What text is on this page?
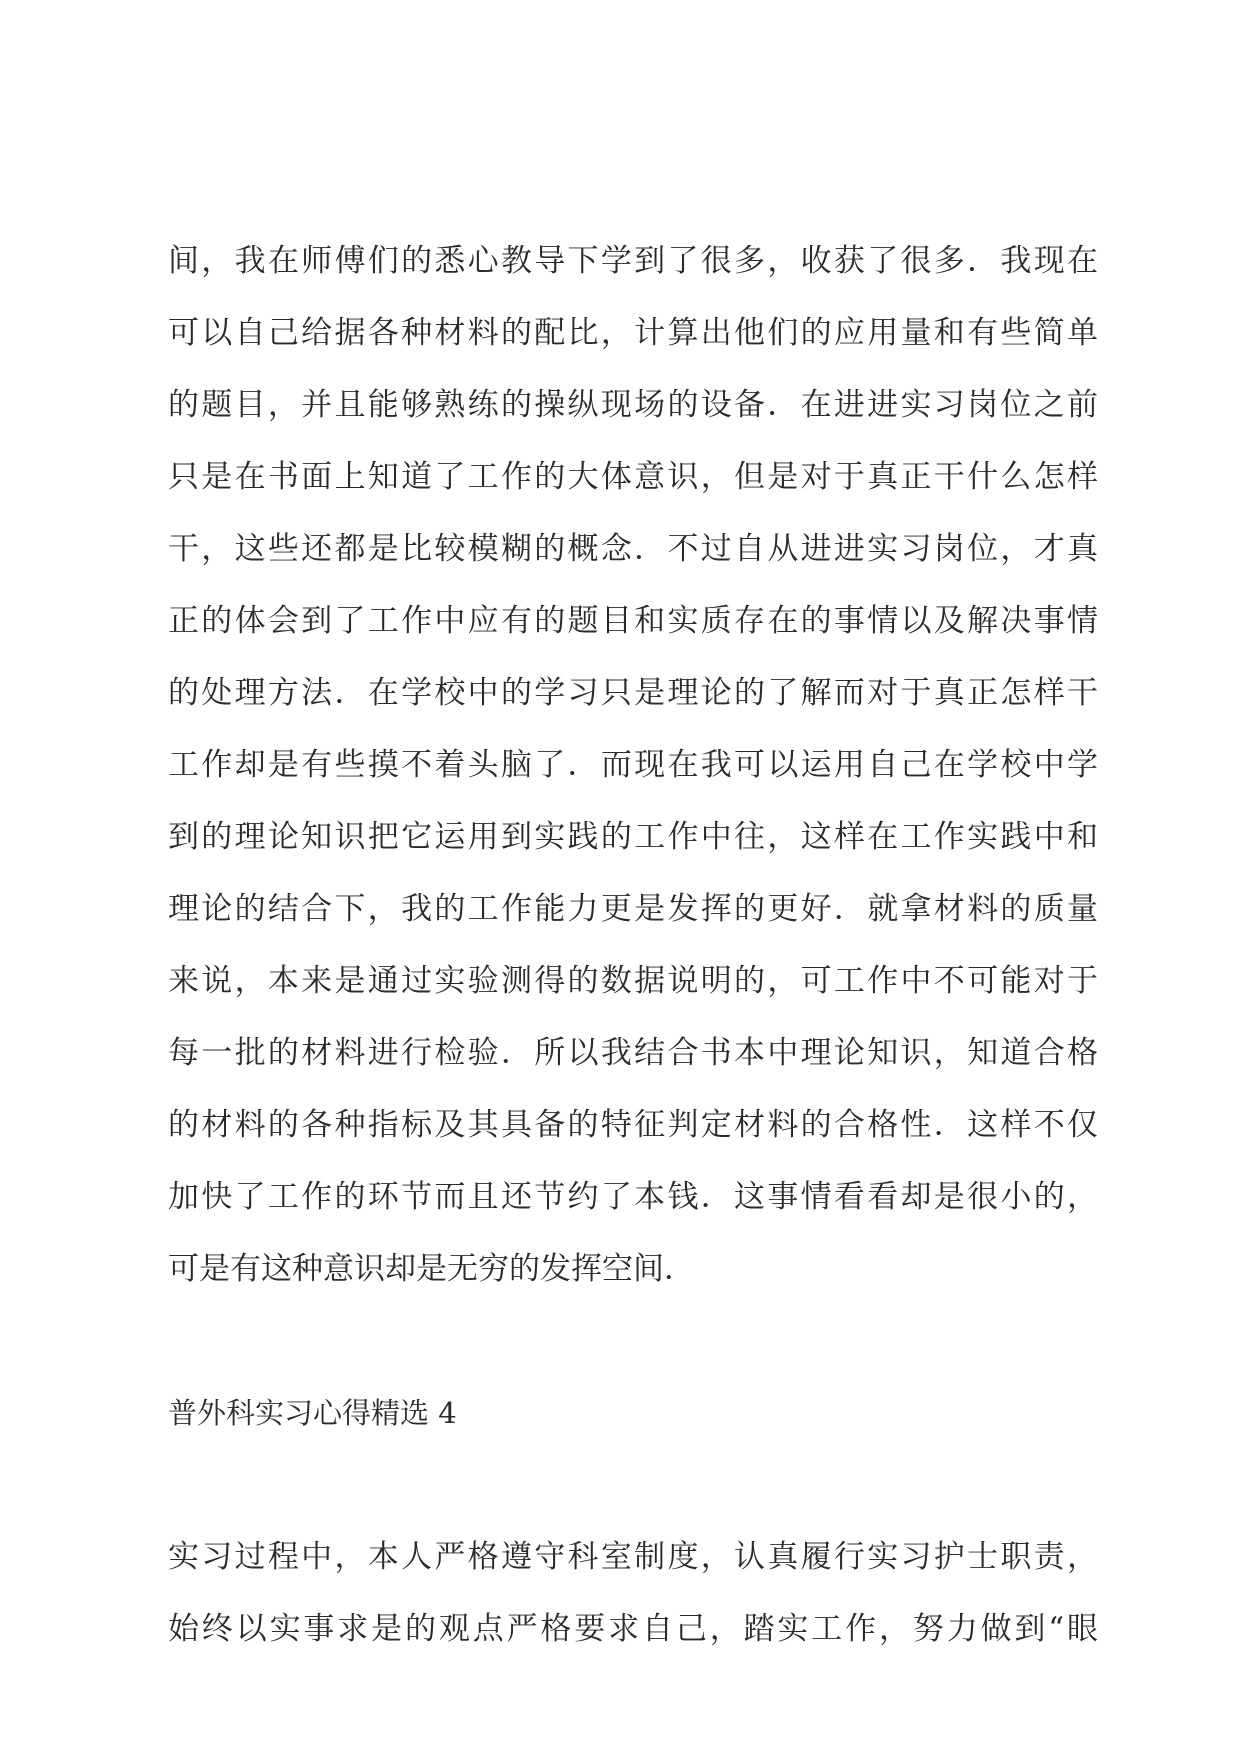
间，我在师傅们的悉心教导下学到了很多，收获了很多．我现在
可以自己给据各种材料的配比，计算出他们的应用量和有些简单
的题目，并且能够熟练的操纵现场的设备．在进进实习岗位之前
只是在书面上知道了工作的大体意识，但是对于真正干什么怎样
干，这些还都是比较模糊的概念．不过自从进进实习岗位，才真
正的体会到了工作中应有的题目和实质存在的事情以及解决事情
的处理方法．在学校中的学习只是理论的了解而对于真正怎样干
工作却是有些摸不着头脑了．而现在我可以运用自己在学校中学
到的理论知识把它运用到实践的工作中往，这样在工作实践中和
理论的结合下，我的工作能力更是发挥的更好．就拿材料的质量
来说，本来是通过实验测得的数据说明的，可工作中不可能对于
每一批的材料进行检验．所以我结合书本中理论知识，知道合格
的材料的各种指标及其具备的特征判定材料的合格性．这样不仅
加快了工作的环节而且还节约了本钱．这事情看看却是很小的，
可是有这种意识却是无穷的发挥空间．
普外科实习心得精选 4
实习过程中，本人严格遵守科室制度，认真履行实习护士职责，
始终以实事求是的观点严格要求自己，踏实工作，努力做到“眼
